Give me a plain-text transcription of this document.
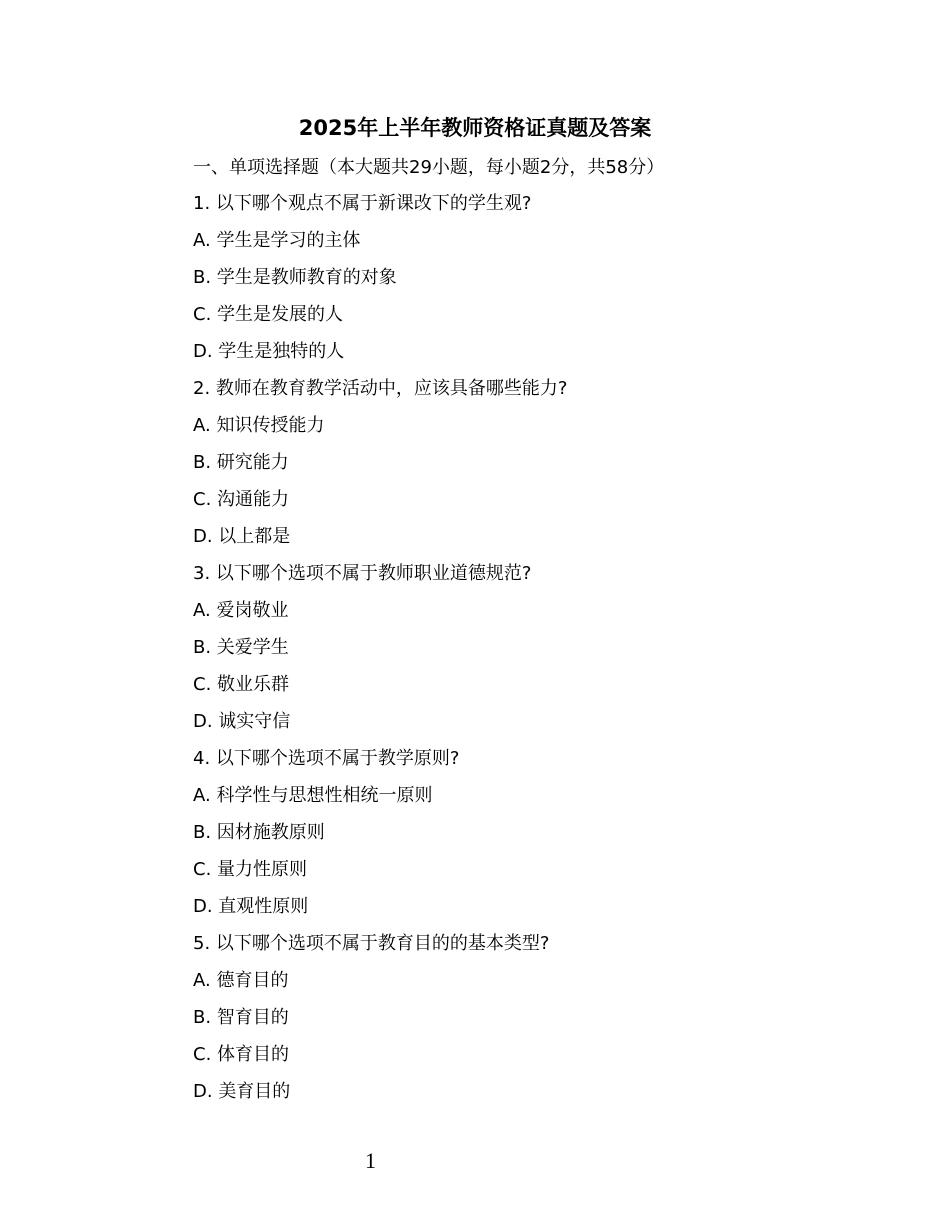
2025年上半年教师资格证真题及答案
一、单项选择题（本大题共29小题，每小题2分，共58分）
1. 以下哪个观点不属于新课改下的学生观?
A. 学生是学习的主体
B. 学生是教师教育的对象
C. 学生是发展的人
D. 学生是独特的人
2. 教师在教育教学活动中，应该具备哪些能力?
A. 知识传授能力
B. 研究能力
C. 沟通能力
D. 以上都是
3. 以下哪个选项不属于教师职业道德规范?
A. 爱岗敬业
B. 关爱学生
C. 敬业乐群
D. 诚实守信
4. 以下哪个选项不属于教学原则?
A. 科学性与思想性相统一原则
B. 因材施教原则
C. 量力性原则
D. 直观性原则
5. 以下哪个选项不属于教育目的的基本类型?
A. 德育目的
B. 智育目的
C. 体育目的
D. 美育目的
1
